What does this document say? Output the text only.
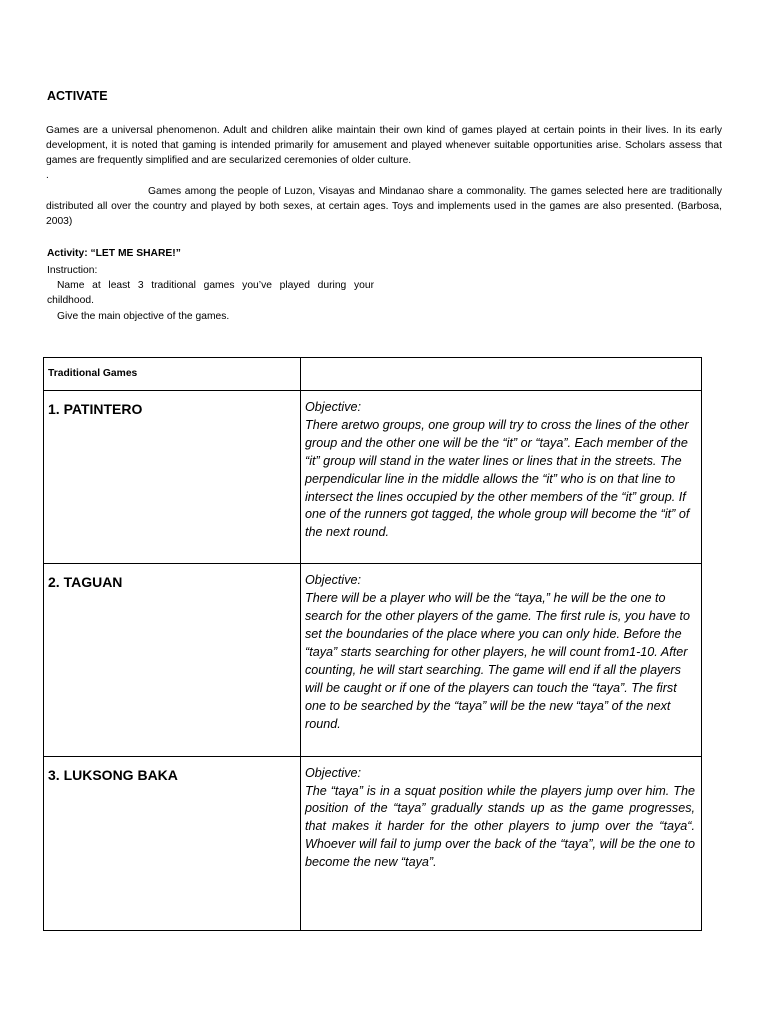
ACTIVATE
Games are a universal phenomenon. Adult and children alike maintain their own kind of games played at certain points in their lives. In its early development, it is noted that gaming is intended primarily for amusement and played whenever suitable opportunities arise. Scholars assess that games are frequently simplified and are secularized ceremonies of older culture.
.
Games among the people of Luzon, Visayas and Mindanao share a commonality. The games selected here are traditionally distributed all over the country and played by both sexes, at certain ages. Toys and implements used in the games are also presented. (Barbosa, 2003)
Activity: “LET ME SHARE!”
Instruction:
Name at least 3 traditional games you’ve played during your childhood.
Give the main objective of the games.
Traditional Games	

1. PATINTERO	Objective:
There aretwo groups, one group will try to cross the lines of the other group and the other one will be the “it” or “taya”. Each member of the “it” group will stand in the water lines or lines that in the streets. The perpendicular line in the middle allows the “it” who is on that line to intersect the lines occupied by the other members of the “it” group. If one of the runners got tagged, the whole group will become the “it” of the next round.

2. TAGUAN	Objective:
There will be a player who will be the “taya,” he will be the one to search for the other players of the game. The first rule is, you have to set the boundaries of the place where you can only hide. Before the “taya” starts searching for other players, he will count from1-10. After counting, he will start searching. The game will end if all the players will be caught or if one of the players can touch the “taya”. The first one to be searched by the “taya” will be the new “taya” of the next round.

3. LUKSONG BAKA	Objective:
The “taya” is in a squat position while the players jump over him. The position of the “taya” gradually stands up as the game progresses, that makes it harder for the other players to jump over the “taya“. Whoever will fail to jump over the back of the “taya”, will be the one to become the new “taya”.
